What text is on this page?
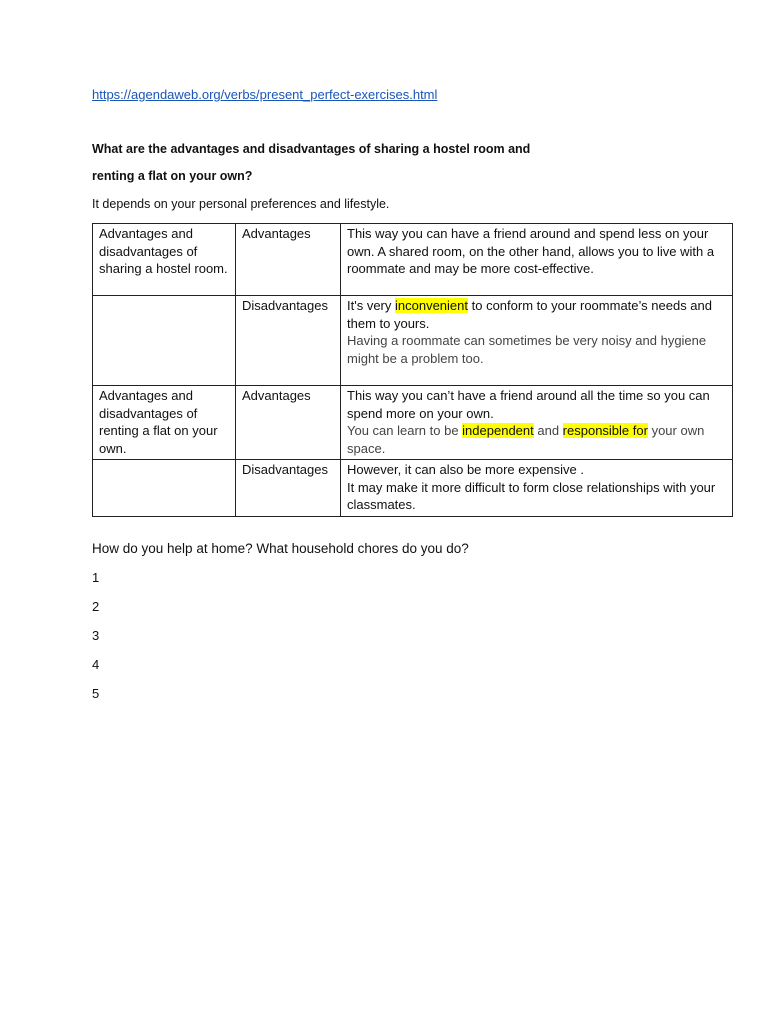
https://agendaweb.org/verbs/present_perfect-exercises.html
What are the advantages and disadvantages of sharing a hostel room and
renting a flat on your own?
It depends on your personal preferences and lifestyle.
Advantages and disadvantages of sharing a hostel room.	Advantages	This way you can have a friend around and spend less on your own. A shared room, on the other hand, allows you to live with a roommate and may be more cost-effective.
	Disadvantages	It's very inconvenient to conform to your roommate’s needs and them to yours.
Having a roommate can sometimes be very noisy and hygiene might be a problem too.

Advantages and disadvantages of renting a flat on your own.	Advantages	This way you can’t have a friend around all the time so you can spend more on your own.
You can learn to be independent and responsible for your own space.
	Disadvantages	However, it can also be more expensive .
It may make it more difficult to form close relationships with your classmates.
How do you help at home? What household chores do you do?
1
2
3
4
5
